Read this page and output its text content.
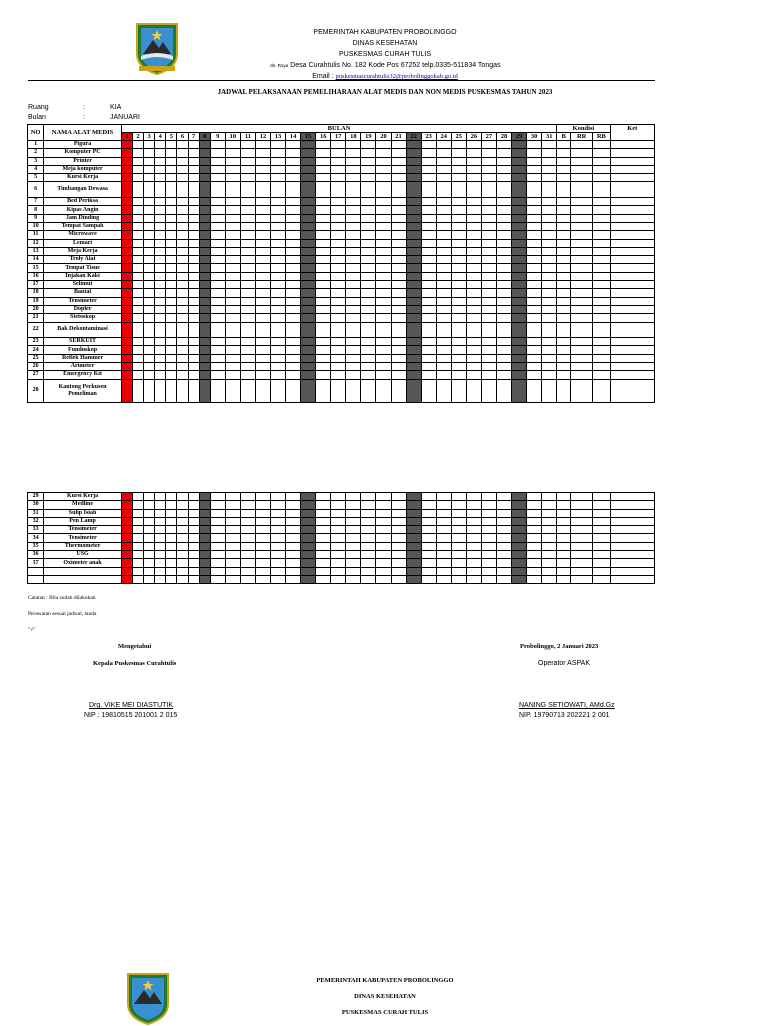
PEMERINTAH KABUPATEN PROBOLINGGO
DINAS KESEHATAN
PUSKESMAS CURAH TULIS
Jln. Raya Desa Curahtulis No. 182 Kode Pos 67252 telp.0335-511834 Tongas
Email : puskesmascurahtulis32@probolinggokab.go.id
JADWAL PELAKSANAAN PEMELIHARAAN ALAT MEDIS DAN NON MEDIS PUSKESMAS TAHUN 2023
Ruang	:	KIA
Bulan	:	JANUARI
NO	NAMA ALAT MEDIS	BULAN																															Kondisi			Ket
		1	2	3	4	5	6	7	8	9	10	11	12	13	14	15	16	17	18	19	20	21	22	23	24	25	26	27	28	29	30	31	B	RR	RB	
1	Pigura																																			
2	Komputer PC																																			
3	Printer																																			
4	Meja komputer																																			
5	Kursi Kerja																																			
6	Timbangan Dewasa																																			
7	Bed Periksa																																			
8	Kipas Angin																																			
9	Jam Dinding																																			
10	Tempat Sampah																																			
11	Microwave																																			
12	Lemari																																			
13	Meja Kerja																																			
14	Troly Alat																																			
15	Tempat Tisue																																			
16	Injakan Kaki																																			
17	Selimut																																			
18	Bantal																																			
19	Tensimeter																																			
20	Dopler																																			
21	Stetoskop																																			
22	Bak Dekontaminasi																																			
23	SERKUIT																																			
24	Funduskop																																			
25	Reflek Hammer																																			
26	Arimeter																																			
27	Emergency Kit																																			
28	Kantong Perkusen Pemeliman																																			
29	Kursi Kerja																																			
30	Medline																																			
31	Sulip Isiah																																			
32	Pen Lamp																																			
33	Tensimeter																																			
34	Tensimeter																																			
35	Thermometer																																			
36	USG																																			
37	Oximeter anak																																			

Catatan : Bila sudah dilakukan
Perawatan sesuai jadwal, tanda
"√"
Mengetahui
Kepala Puskesmas Curahtulis
Drg. VIKE MEI DIASTUTIK
NIP : 19810515 201001 2 015
Probolinggo, 2 Januari 2023
Operator ASPAK
NANING SETIOWATI, AMd.Gz
NIP. 19790713 202221 2 001
PEMERINTAH KABUPATEN PROBOLINGGO
DINAS KESEHATAN
PUSKESMAS CURAH TULIS
